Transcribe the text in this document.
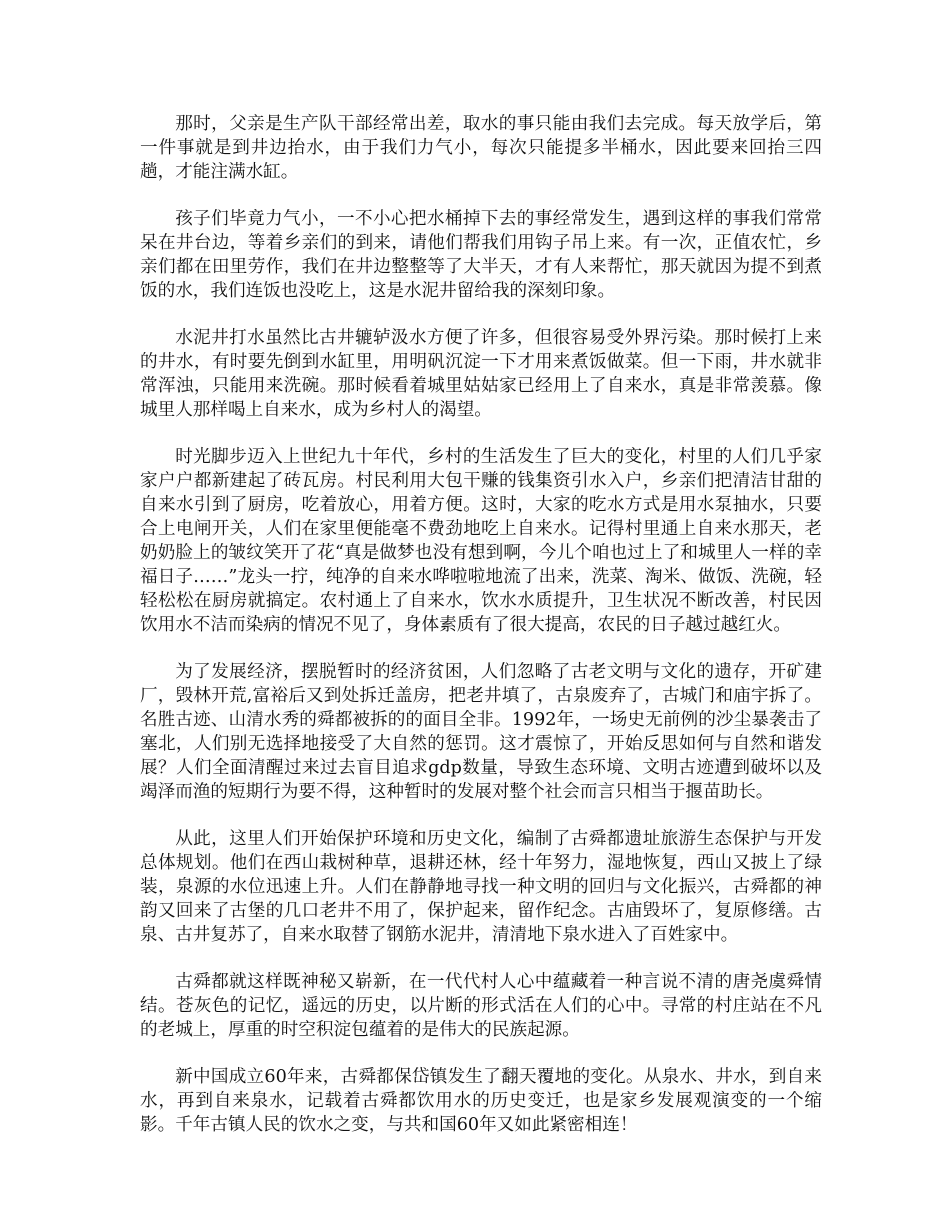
那时，父亲是生产队干部经常出差，取水的事只能由我们去完成。每天放学后，第一件事就是到井边抬水，由于我们力气小，每次只能提多半桶水，因此要来回抬三四趟，才能注满水缸。

孩子们毕竟力气小，一不小心把水桶掉下去的事经常发生，遇到这样的事我们常常呆在井台边，等着乡亲们的到来，请他们帮我们用钩子吊上来。有一次，正值农忙，乡亲们都在田里劳作，我们在井边整整等了大半天，才有人来帮忙，那天就因为提不到煮饭的水，我们连饭也没吃上，这是水泥井留给我的深刻印象。

水泥井打水虽然比古井辘轳汲水方便了许多，但很容易受外界污染。那时候打上来的井水，有时要先倒到水缸里，用明矾沉淀一下才用来煮饭做菜。但一下雨，井水就非常浑浊，只能用来洗碗。那时候看着城里姑姑家已经用上了自来水，真是非常羡慕。像城里人那样喝上自来水，成为乡村人的渴望。

时光脚步迈入上世纪九十年代，乡村的生活发生了巨大的变化，村里的人们几乎家家户户都新建起了砖瓦房。村民利用大包干赚的钱集资引水入户，乡亲们把清洁甘甜的自来水引到了厨房，吃着放心，用着方便。这时，大家的吃水方式是用水泵抽水，只要合上电闸开关，人们在家里便能毫不费劲地吃上自来水。记得村里通上自来水那天，老奶奶脸上的皱纹笑开了花“真是做梦也没有想到啊，今儿个咱也过上了和城里人一样的幸福日子……”龙头一拧，纯净的自来水哗啦啦地流了出来，洗菜、淘米、做饭、洗碗，轻轻松松在厨房就搞定。农村通上了自来水，饮水水质提升，卫生状况不断改善，村民因饮用水不洁而染病的情况不见了，身体素质有了很大提高，农民的日子越过越红火。

为了发展经济，摆脱暂时的经济贫困，人们忽略了古老文明与文化的遗存，开矿建厂，毁林开荒,富裕后又到处拆迁盖房，把老井填了，古泉废弃了，古城门和庙宇拆了。名胜古迹、山清水秀的舜都被拆的的面目全非。1992年，一场史无前例的沙尘暴袭击了塞北，人们别无选择地接受了大自然的惩罚。这才震惊了，开始反思如何与自然和谐发展？人们全面清醒过来过去盲目追求gdp数量，导致生态环境、文明古迹遭到破坏以及竭泽而渔的短期行为要不得，这种暂时的发展对整个社会而言只相当于揠苗助长。

从此，这里人们开始保护环境和历史文化，编制了古舜都遗址旅游生态保护与开发总体规划。他们在西山栽树种草，退耕还林，经十年努力，湿地恢复，西山又披上了绿装，泉源的水位迅速上升。人们在静静地寻找一种文明的回归与文化振兴，古舜都的神韵又回来了古堡的几口老井不用了，保护起来，留作纪念。古庙毁坏了，复原修缮。古泉、古井复苏了，自来水取替了钢筋水泥井，清清地下泉水进入了百姓家中。

古舜都就这样既神秘又崭新，在一代代村人心中蕴藏着一种言说不清的唐尧虞舜情结。苍灰色的记忆，遥远的历史，以片断的形式活在人们的心中。寻常的村庄站在不凡的老城上，厚重的时空积淀包蕴着的是伟大的民族起源。

新中国成立60年来，古舜都保岱镇发生了翻天覆地的变化。从泉水、井水，到自来水，再到自来泉水，记载着古舜都饮用水的历史变迁，也是家乡发展观演变的一个缩影。千年古镇人民的饮水之变，与共和国60年又如此紧密相连！
